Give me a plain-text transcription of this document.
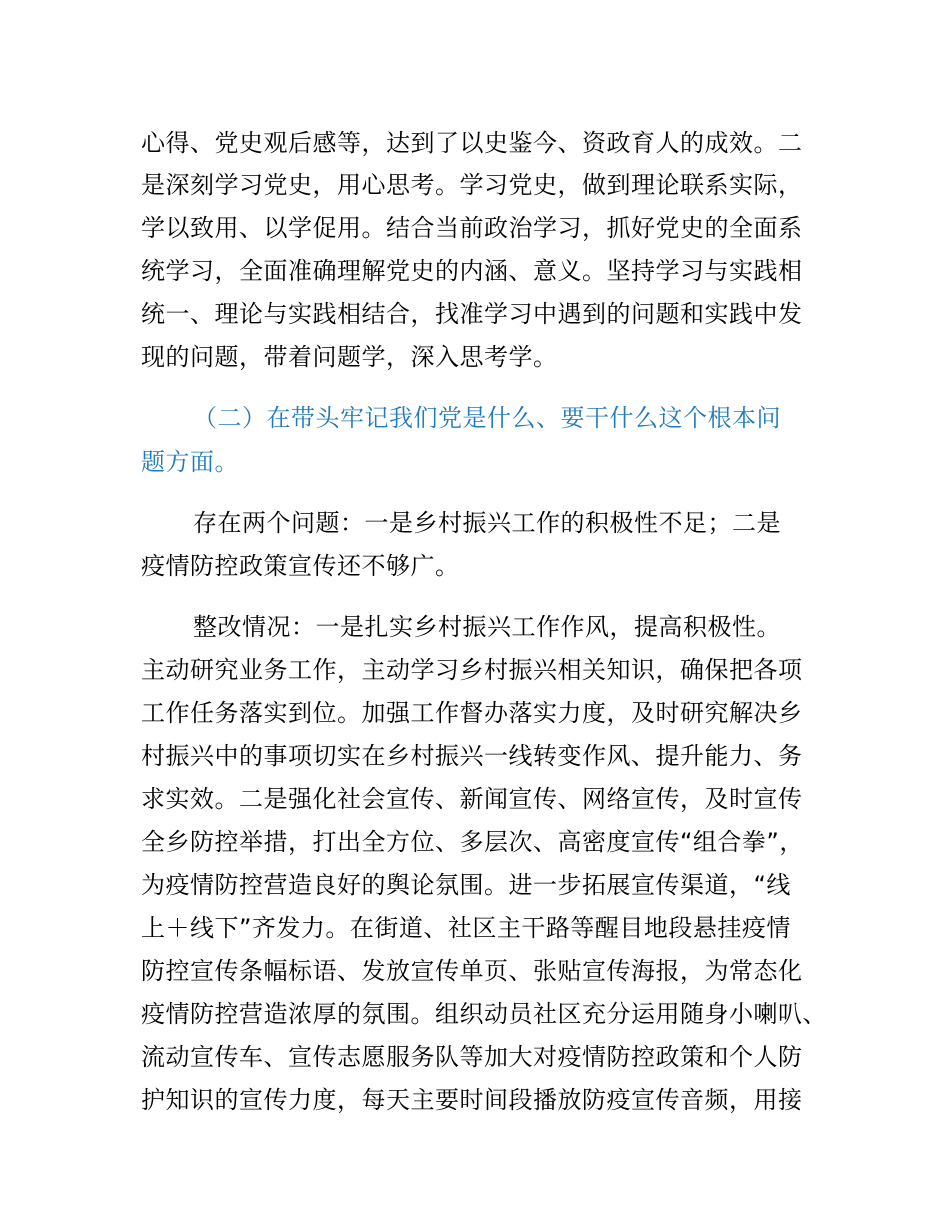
心得、党史观后感等，达到了以史鉴今、资政育人的成效。二
是深刻学习党史，用心思考。学习党史，做到理论联系实际，
学以致用、以学促用。结合当前政治学习，抓好党史的全面系
统学习，全面准确理解党史的内涵、意义。坚持学习与实践相
统一、理论与实践相结合，找准学习中遇到的问题和实践中发
现的问题，带着问题学，深入思考学。
（二）在带头牢记我们党是什么、要干什么这个根本问
题方面。
存在两个问题：一是乡村振兴工作的积极性不足；二是
疫情防控政策宣传还不够广。
整改情况：一是扎实乡村振兴工作作风，提高积极性。
主动研究业务工作，主动学习乡村振兴相关知识，确保把各项
工作任务落实到位。加强工作督办落实力度，及时研究解决乡
村振兴中的事项切实在乡村振兴一线转变作风、提升能力、务
求实效。二是强化社会宣传、新闻宣传、网络宣传，及时宣传
全乡防控举措，打出全方位、多层次、高密度宣传“组合拳”，
为疫情防控营造良好的舆论氛围。进一步拓展宣传渠道，“线
上＋线下”齐发力。在街道、社区主干路等醒目地段悬挂疫情
防控宣传条幅标语、发放宣传单页、张贴宣传海报，为常态化
疫情防控营造浓厚的氛围。组织动员社区充分运用随身小喇叭、
流动宣传车、宣传志愿服务队等加大对疫情防控政策和个人防
护知识的宣传力度，每天主要时间段播放防疫宣传音频，用接
